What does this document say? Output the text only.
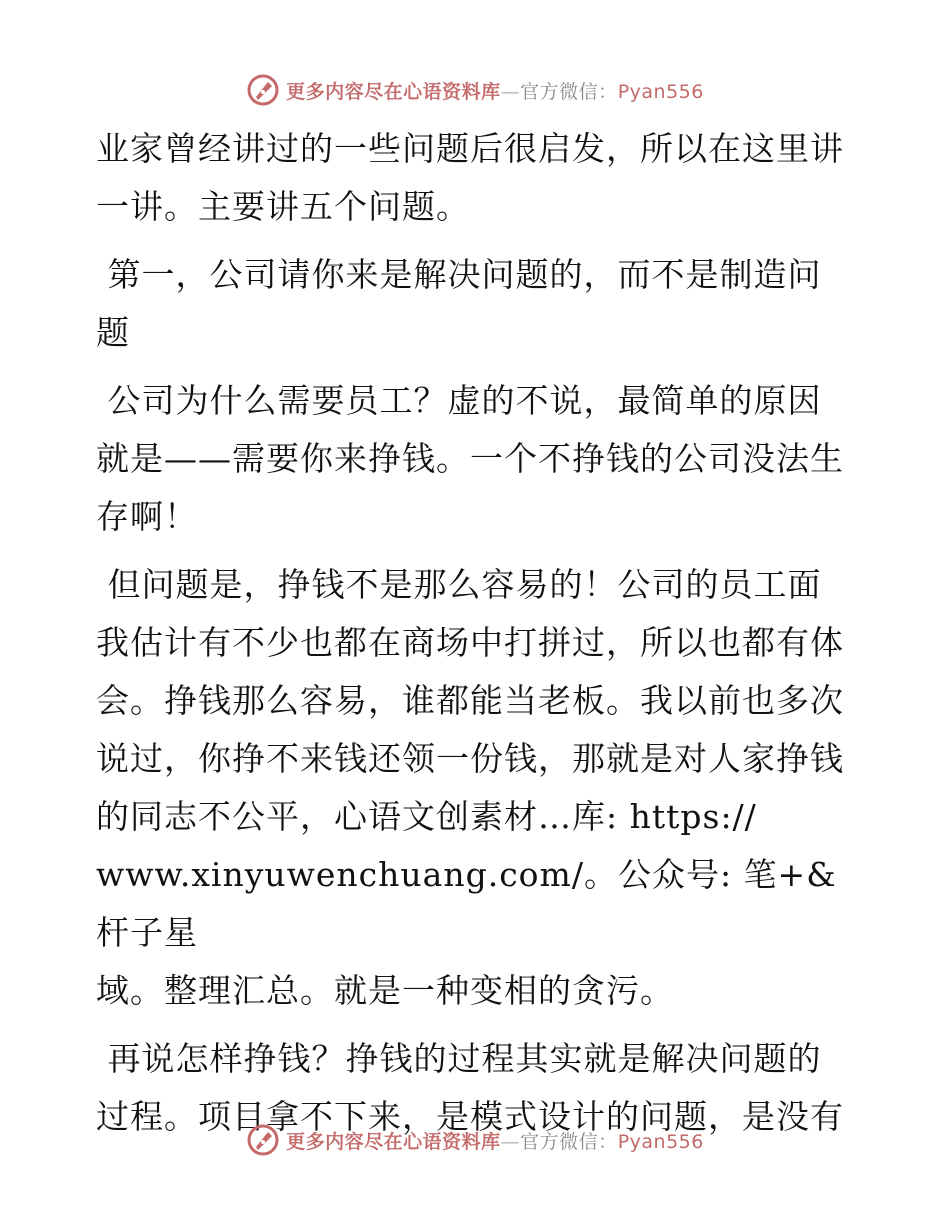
更多内容尽在心语资料库—官方微信：Pyan556

业家曾经讲过的一些问题后很启发，所以在这里讲
一讲。主要讲五个问题。

第一，公司请你来是解决问题的，而不是制造问
题

公司为什么需要员工？虚的不说，最简单的原因
就是——需要你来挣钱。一个不挣钱的公司没法生
存啊！

但问题是，挣钱不是那么容易的！公司的员工面
我估计有不少也都在商场中打拼过，所以也都有体
会。挣钱那么容易，谁都能当老板。我以前也多次
说过，你挣不来钱还领一份钱，那就是对人家挣钱
的同志不公平，心语文创素材…库: https://
www.xinyuwenchuang.com/。公众号: 笔+&杆子星
域。整理汇总。就是一种变相的贪污。

再说怎样挣钱？挣钱的过程其实就是解决问题的
过程。项目拿不下来，是模式设计的问题，是没有

更多内容尽在心语资料库—官方微信：Pyan556
